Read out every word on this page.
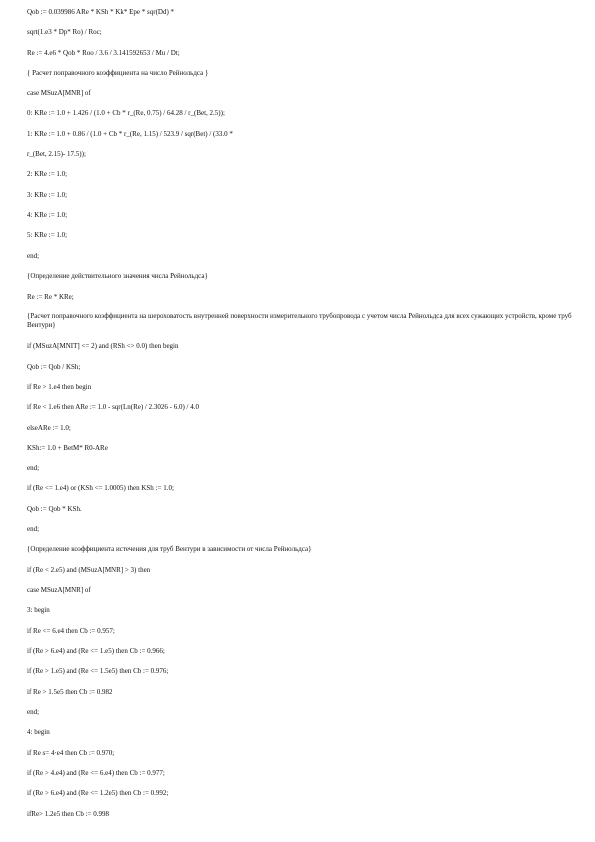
Qob := 0.039986 ARe * KSh * Kk* Epe * sqr(Dd) *
sqrt(1.e3 * Dp* Ro) / Roc;
Re := 4.e6 * Qob * Roo / 3.6 / 3.141592653 / Mu / Dt;
{ Расчет поправочного коэффициента на число Рейнольдса }
case MSuzA[MNR] of
0: KRe := 1.0 + 1.426 / (1.0 + Cb * r_(Re, 0.75) / 64.28 / r_(Bet, 2.5));
1: KRe := 1.0 + 0.86 / (1.0 + Cb * r_(Re, 1.15) / 523.9 / sqr(Bet) / (33.0 *
r_(Bet, 2.15)- 17.5));
2: KRe := 1.0;
3: KRe := 1.0;
4: KRe := 1.0;
5: KRe := 1.0;
end;
{Определение действительного значения числа Рейнольдса}
Re := Re * KRe;
{Расчет поправочного коэффициента на шероховатость внутренней поверхности измерительного трубопровода с учетом числа Рейнольдса для всех сужающих устройств, кроме труб Вентури}
if (MSuzA[MNIT] <= 2) and (RSh <> 0.0) then begin
Qob := Qob / KSh;
if Re > 1.e4 then begin
if Re < 1.e6 then ARe := 1.0 - sqr(Ln(Re) / 2.3026 - 6.0) / 4.0
elseARe := 1.0;
KSh:= 1.0 + BetM* R0-ARe
end;
if (Re <= 1.e4) or (KSh <= 1.0005) then KSh := 1.0;
Qob := Qob * KSh.
end;
{Определение коэффициента истечения для труб Вентури в зависимости от числа Рейнольдса}
if (Re < 2.e5) and (MSuzA[MNR] > 3) then
case MSuzA[MNR] of
3: begin
if Re <= 6.e4 then Cb := 0.957;
if (Re > 6.e4) and (Re <= 1.e5) then Cb := 0.966;
if (Re > 1.e5) and (Re <= 1.5e5) then Cb := 0.976;
if Re > 1.5e5 then Cb := 0.982
end;
4: begin
if Re s= 4·e4 then Cb := 0.970;
if (Re > 4.e4) and (Re <= 6.e4) then Cb := 0.977;
if (Re > 6.e4) and (Re <= 1.2e5) then Cb := 0.992;
ifRe> 1.2e5 then Cb := 0.998
